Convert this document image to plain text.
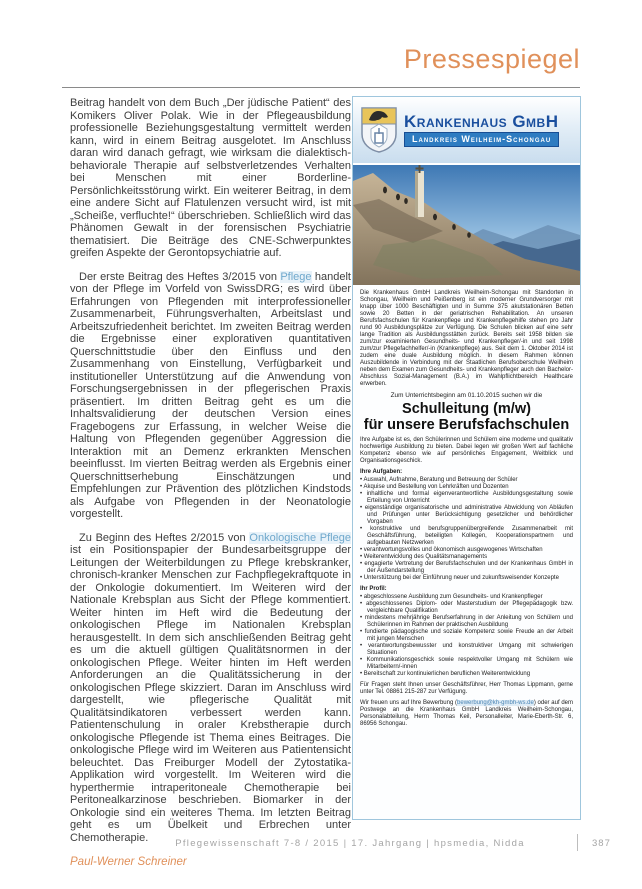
Pressespiegel

Beitrag handelt von dem Buch „Der jüdische Patient“ des Komikers Oliver Polak. Wie in der Pflegeausbildung professionelle Beziehungsgestaltung vermittelt werden kann, wird in einem Beitrag ausgelotet. Im Anschluss daran wird danach gefragt, wie wirksam die dialektisch-behaviorale Therapie auf selbstverletzendes Verhalten bei Menschen mit einer Borderline-Persönlichkeitsstörung wirkt. Ein weiterer Beitrag, in dem eine andere Sicht auf Flatulenzen versucht wird, ist mit „Scheiße, verfluchte!“ überschrieben. Schließlich wird das Phänomen Gewalt in der forensischen Psychiatrie thematisiert. Die Beiträge des CNE-Schwerpunktes greifen Aspekte der Gerontopsychiatrie auf.

Der erste Beitrag des Heftes 3/2015 von Pflege handelt von der Pflege im Vorfeld von SwissDRG; es wird über Erfahrungen von Pflegenden mit interprofessioneller Zusammenarbeit, Führungsverhalten, Arbeitslast und Arbeitszufriedenheit berichtet. Im zweiten Beitrag werden die Ergebnisse einer explorativen quantitativen Querschnittstudie über den Einfluss und den Zusammenhang von Einstellung, Verfügbarkeit und institutioneller Unterstützung auf die Anwendung von Forschungsergebnissen in der pflegerischen Praxis präsentiert. Im dritten Beitrag geht es um die Inhaltsvalidierung der deutschen Version eines Fragebogens zur Erfassung, in welcher Weise die Haltung von Pflegenden gegenüber Aggression die Interaktion mit an Demenz erkrankten Menschen beeinflusst. Im vierten Beitrag werden als Ergebnis einer Querschnittserhebung Einschätzungen und Empfehlungen zur Prävention des plötzlichen Kindstods als Aufgabe von Pflegenden in der Neonatologie vorgestellt.

Zu Beginn des Heftes 2/2015 von Onkologische Pflege ist ein Positionspapier der Bundesarbeitsgruppe der Leitungen der Weiterbildungen zu Pflege krebskranker, chronisch-kranker Menschen zur Fachpflegekraftquote in der Onkologie dokumentiert. Im Weiteren wird der Nationale Krebsplan aus Sicht der Pflege kommentiert. Weiter hinten im Heft wird die Bedeutung der onkologischen Pflege im Nationalen Krebsplan herausgestellt. In dem sich anschließenden Beitrag geht es um die aktuell gültigen Qualitätsnormen in der onkologischen Pflege. Weiter hinten im Heft werden Anforderungen an die Qualitätssicherung in der onkologischen Pflege skizziert. Daran im Anschluss wird dargestellt, wie pflegerische Qualität mit Qualitätsindikatoren verbessert werden kann. Patientenschulung in oraler Krebstherapie durch onkologische Pflegende ist Thema eines Beitrages. Die onkologische Pflege wird im Weiteren aus Patientensicht beleuchtet. Das Freiburger Modell der Zytostatika-Applikation wird vorgestellt. Im Weiteren wird die hyperthermie intraperitoneale Chemotherapie bei Peritonealkarzinose beschrieben. Biomarker in der Onkologie sind ein weiteres Thema. Im letzten Beitrag geht es um Übelkeit und Erbrechen unter Chemotherapie.

Paul-Werner Schreiner

Krankenhaus GmbH
Landkreis Weilheim-Schongau

Die Krankenhaus GmbH Landkreis Weilheim-Schongau mit Standorten in Schongau, Weilheim und Peißenberg ist ein moderner Grundversorger mit knapp über 1000 Beschäftigten und in Summe 375 akutstationären Betten sowie 20 Betten in der geriatrischen Rehabilitation. An unseren Berufsfachschulen für Krankenpflege und Krankenpflegehilfe stehen pro Jahr rund 90 Ausbildungsplätze zur Verfügung. Die Schulen blicken auf eine sehr lange Tradition als Ausbildungsstätten zurück. Bereits seit 1958 bilden sie zum/zur examinierten Gesundheits- und Krankenpfleger/-in und seit 1998 zum/zur Pflegefachhelfer/-in (Krankenpflege) aus. Seit dem 1. Oktober 2014 ist zudem eine duale Ausbildung möglich. In diesem Rahmen können Auszubildende in Verbindung mit der Staatlichen Berufsoberschule Weilheim neben dem Examen zum Gesundheits- und Krankenpfleger auch den Bachelor-Abschluss Sozial-Management (B.A.) im Wahlpflichtbereich Healthcare erwerben.

Zum Unterrichtsbeginn am 01.10.2015 suchen wir die

Schulleitung (m/w)
für unsere Berufsfachschulen

Ihre Aufgabe ist es, den Schülerinnen und Schülern eine moderne und qualitativ hochwertige Ausbildung zu bieten. Dabei legen wir großen Wert auf fachliche Kompetenz ebenso wie auf persönliches Engagement, Weitblick und Organisationsgeschick.

Ihre Aufgaben:
• Auswahl, Aufnahme, Beratung und Betreuung der Schüler
• Akquise und Bestellung von Lehrkräften und Dozenten
• inhaltliche und formal eigenverantwortliche Ausbildungsgestaltung sowie Erteilung von Unterricht
• eigenständige organisatorische und administrative Abwicklung von Abläufen und Prüfungen unter Berücksichtigung gesetzlicher und behördlicher Vorgaben
• konstruktive und berufsgruppenübergreifende Zusammenarbeit mit Geschäftsführung, beteiligten Kollegen, Kooperationspartnern und aufgebauten Netzwerken
• verantwortungsvolles und ökonomisch ausgewogenes Wirtschaften
• Weiterentwicklung des Qualitätsmanagements
• engagierte Vertretung der Berufsfachschulen und der Krankenhaus GmbH in der Außendarstellung
• Unterstützung bei der Einführung neuer und zukunftsweisender Konzepte
Ihr Profil:
• abgeschlossene Ausbildung zum Gesundheits- und Krankenpfleger
• abgeschlossenes Diplom- oder Masterstudium der Pflegepädagogik bzw. vergleichbare Qualifikation
• mindestens mehrjährige Berufserfahrung in der Anleitung von Schülern und Schülerinnen im Rahmen der praktischen Ausbildung
• fundierte pädagogische und soziale Kompetenz sowie Freude an der Arbeit mit jungen Menschen
• verantwortungsbewusster und konstruktiver Umgang mit schwierigen Situationen
• Kommunikationsgeschick sowie respektvoller Umgang mit Schülern wie Mitarbeitern/-innen
• Bereitschaft zur kontinuierlichen beruflichen Weiterentwicklung

Für Fragen steht Ihnen unser Geschäftsführer, Herr Thomas Lippmann, gerne unter Tel. 08861 215-287 zur Verfügung.

Wir freuen uns auf Ihre Bewerbung (bewerbung@kh-gmbh-ws.de) oder auf dem Postwege an die Krankenhaus GmbH Landkreis Weilheim-Schongau, Personalabteilung, Herrn Thomas Keil, Personalleiter, Marie-Eberth-Str. 6, 86956 Schongau.

Pflegewissenschaft 7-8 / 2015 | 17. Jahrgang | hpsmedia, Nidda	387
